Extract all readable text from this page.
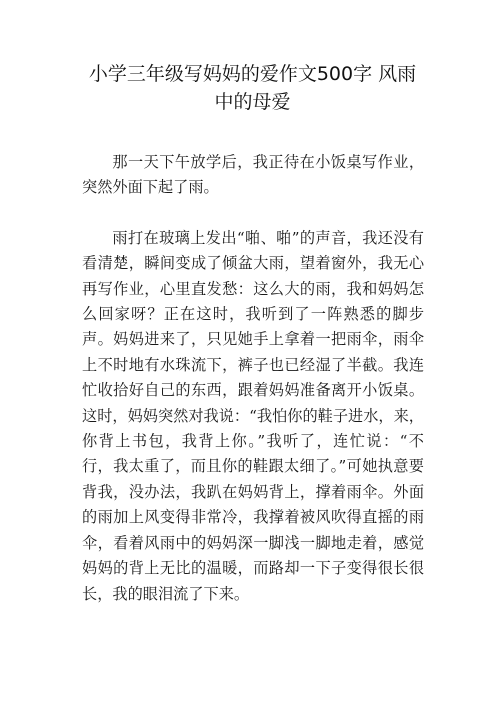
小学三年级写妈妈的爱作文500字 风雨中的母爱

那一天下午放学后，我正待在小饭桌写作业，突然外面下起了雨。

雨打在玻璃上发出“啪、啪”的声音，我还没有看清楚，瞬间变成了倾盆大雨，望着窗外，我无心再写作业，心里直发愁：这么大的雨，我和妈妈怎么回家呀？正在这时，我听到了一阵熟悉的脚步声。妈妈进来了，只见她手上拿着一把雨伞，雨伞上不时地有水珠流下，裤子也已经湿了半截。我连忙收拾好自己的东西，跟着妈妈准备离开小饭桌。这时，妈妈突然对我说：“我怕你的鞋子进水，来，你背上书包，我背上你。”我听了，连忙说：“不行，我太重了，而且你的鞋跟太细了。”可她执意要背我，没办法，我趴在妈妈背上，撑着雨伞。外面的雨加上风变得非常冷，我撑着被风吹得直摇的雨伞，看着风雨中的妈妈深一脚浅一脚地走着，感觉妈妈的背上无比的温暖，而路却一下子变得很长很长，我的眼泪流了下来。
